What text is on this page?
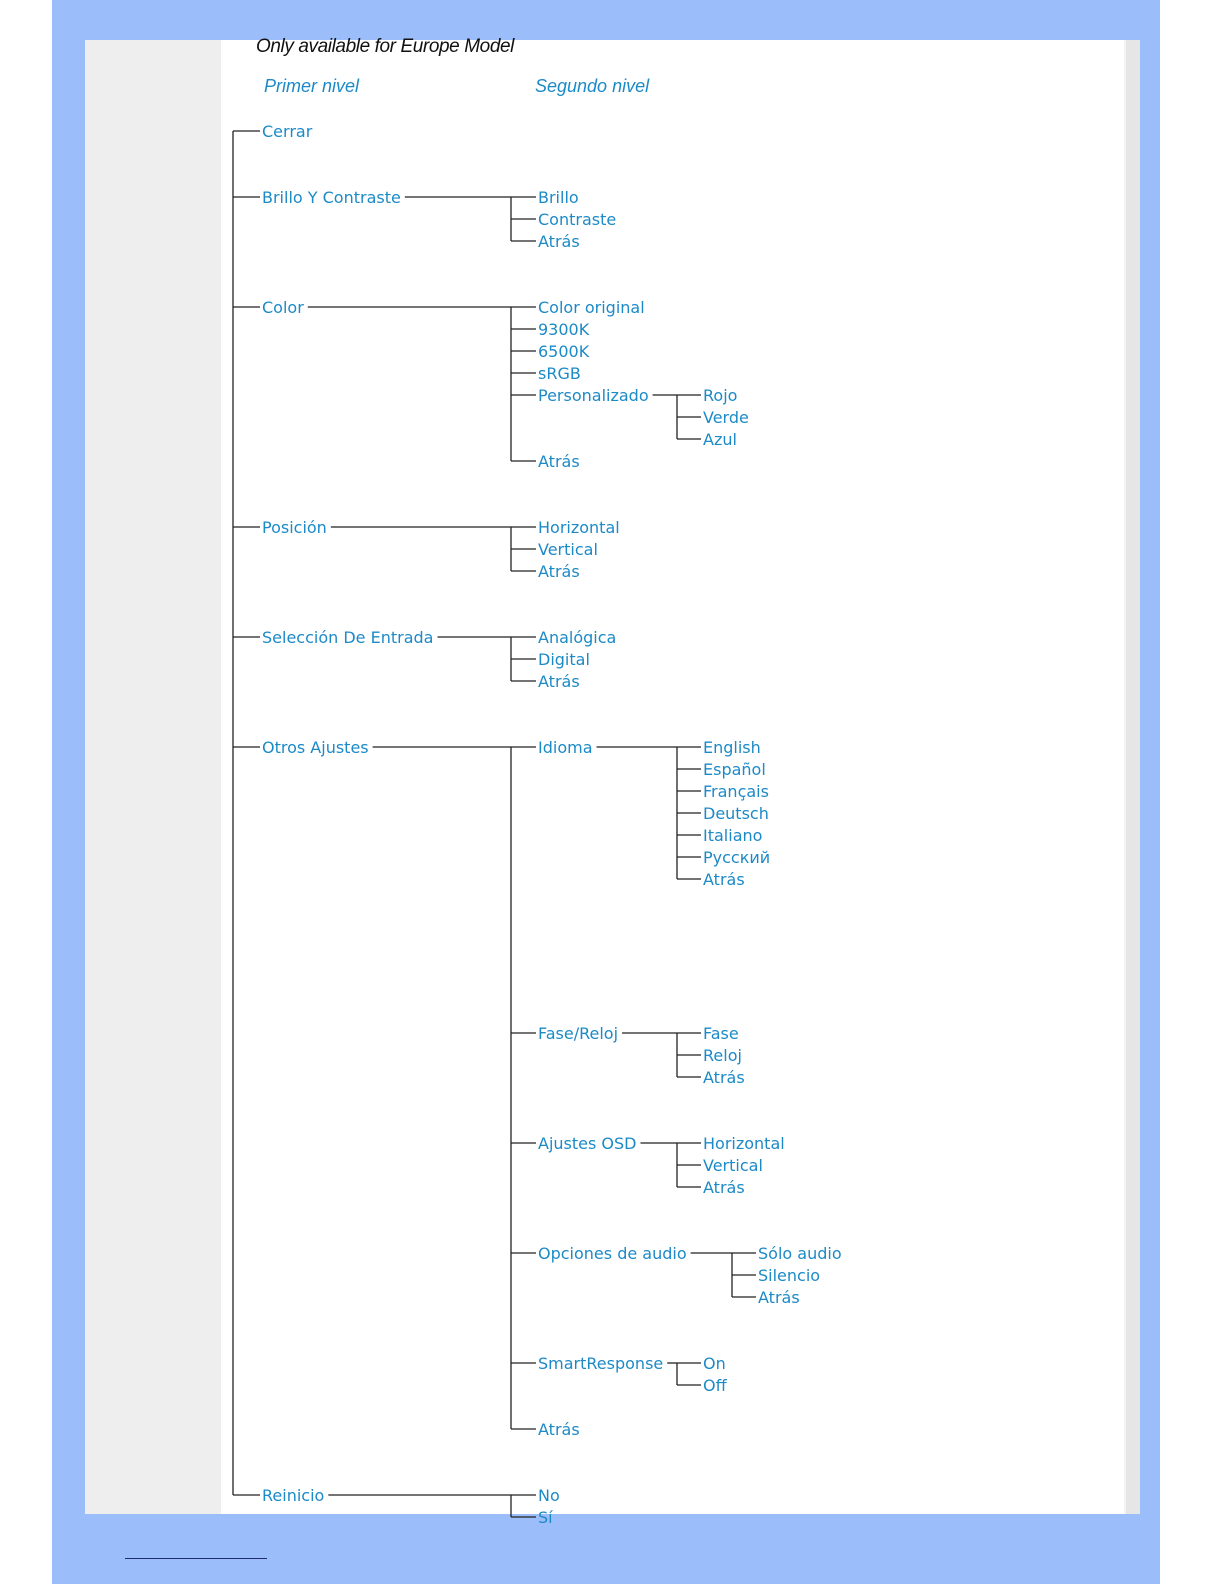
Only available for Europe Model
Primer nivel	Segundo nivel
Cerrar
Brillo Y Contraste	Brillo
Contraste
Atrás
Color	Color original
9300K
6500K
sRGB
Personalizado	Rojo
Verde
Azul
Atrás
Posición	Horizontal
Vertical
Atrás
Selección De Entrada	Analógica
Digital
Atrás
Otros Ajustes	Idioma	English
Español
Français
Deutsch
Italiano
Русский
Atrás
Fase/Reloj	Fase
Reloj
Atrás
Ajustes OSD	Horizontal
Vertical
Atrás
Opciones de audio	Sólo audio
Silencio
Atrás
SmartResponse On
Off
Atrás
Reinicio	No
Sí
